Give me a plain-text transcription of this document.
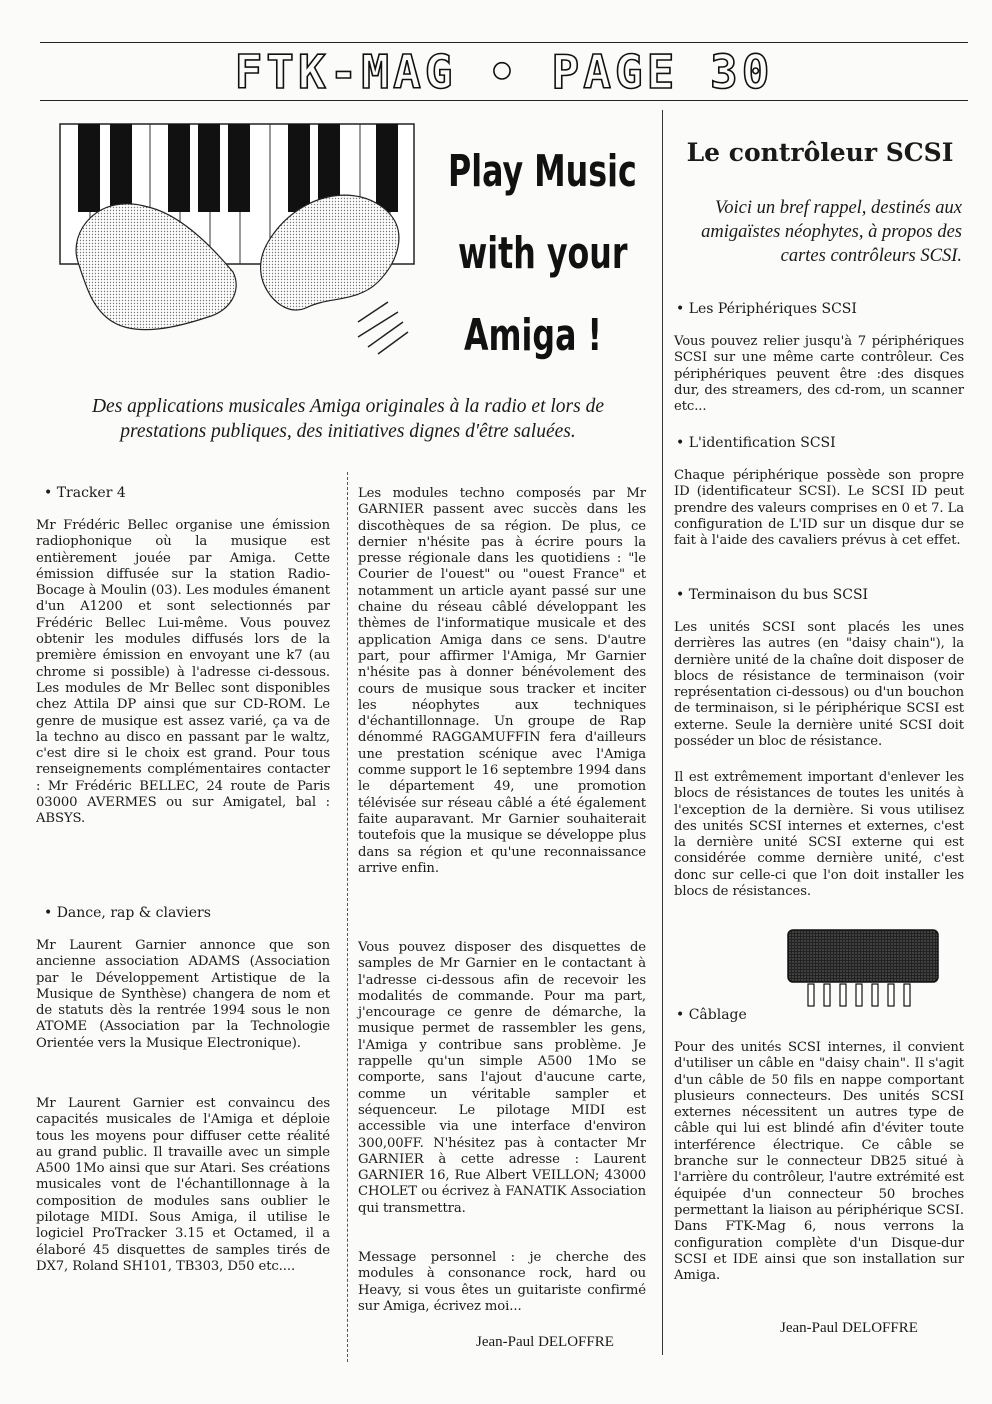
FTK-MAG • PAGE 30
Play Music
with your
Amiga !
Des applications musicales Amiga originales à la radio et lors de prestations publiques, des initiatives dignes d'être saluées.
• Tracker 4
Mr Frédéric Bellec organise une émission radiophonique où la musique est entièrement jouée par Amiga. Cette émission diffusée sur la station Radio-Bocage à Moulin (03). Les modules émanent d'un A1200 et sont selectionnés par Frédéric Bellec Lui-même. Vous pouvez obtenir les modules diffusés lors de la première émission en envoyant une k7 (au chrome si possible) à l'adresse ci-dessous. Les modules de Mr Bellec sont disponibles chez Attila DP ainsi que sur CD-ROM. Le genre de musique est assez varié, ça va de la techno au disco en passant par le waltz, c'est dire si le choix est grand. Pour tous renseignements complémentaires contacter : Mr Frédéric BELLEC, 24 route de Paris 03000 AVERMES ou sur Amigatel, bal : ABSYS.
• Dance, rap & claviers
Mr Laurent Garnier annonce que son ancienne association ADAMS (Association par le Développement Artistique de la Musique de Synthèse) changera de nom et de statuts dès la rentrée 1994 sous le non ATOME (Association par la Technologie Orientée vers la Musique Electronique).
Mr Laurent Garnier est convaincu des capacités musicales de l'Amiga et déploie tous les moyens pour diffuser cette réalité au grand public. Il travaille avec un simple A500 1Mo ainsi que sur Atari. Ses créations musicales vont de l'échantillonnage à la composition de modules sans oublier le pilotage MIDI. Sous Amiga, il utilise le logiciel ProTracker 3.15 et Octamed, il a élaboré 45 disquettes de samples tirés de DX7, Roland SH101, TB303, D50 etc....
Les modules techno composés par Mr GARNIER passent avec succès dans les discothèques de sa région. De plus, ce dernier n'hésite pas à écrire pours la presse régionale dans les quotidiens : "le Courier de l'ouest" ou "ouest France" et notamment un article ayant passé sur une chaine du réseau câblé développant les thèmes de l'informatique musicale et des application Amiga dans ce sens. D'autre part, pour affirmer l'Amiga, Mr Garnier n'hésite pas à donner bénévolement des cours de musique sous tracker et inciter les néophytes aux techniques d'échantillonnage. Un groupe de Rap dénommé RAGGAMUFFIN fera d'ailleurs une prestation scénique avec l'Amiga comme support le 16 septembre 1994 dans le département 49, une promotion télévisée sur réseau câblé a été également faite auparavant. Mr Garnier souhaiterait toutefois que la musique se développe plus dans sa région et qu'une reconnaissance arrive enfin.
Vous pouvez disposer des disquettes de samples de Mr Garnier en le contactant à l'adresse ci-dessous afin de recevoir les modalités de commande. Pour ma part, j'encourage ce genre de démarche, la musique permet de rassembler les gens, l'Amiga y contribue sans problème. Je rappelle qu'un simple A500 1Mo se comporte, sans l'ajout d'aucune carte, comme un véritable sampler et séquenceur. Le pilotage MIDI est accessible via une interface d'environ 300,00FF. N'hésitez pas à contacter Mr GARNIER à cette adresse : Laurent GARNIER 16, Rue Albert VEILLON; 43000 CHOLET ou écrivez à FANATIK Association qui transmettra.
Message personnel : je cherche des modules à consonance rock, hard ou Heavy, si vous êtes un guitariste confirmé sur Amiga, écrivez moi...
Jean-Paul DELOFFRE
Le contrôleur SCSI
Voici un bref rappel, destinés aux amigaïstes néophytes, à propos des cartes contrôleurs SCSI.
• Les Périphériques SCSI
Vous pouvez relier jusqu'à 7 périphériques SCSI sur une même carte contrôleur. Ces périphériques peuvent être :des disques dur, des streamers, des cd-rom, un scanner etc...
• L'identification SCSI
Chaque périphérique possède son propre ID (identificateur SCSI). Le SCSI ID peut prendre des valeurs comprises en 0 et 7. La configuration de L'ID sur un disque dur se fait à l'aide des cavaliers prévus à cet effet.
• Terminaison du bus SCSI
Les unités SCSI sont placés les unes derrières las autres (en "daisy chain"), la dernière unité de la chaîne doit disposer de blocs de résistance de terminaison (voir représentation ci-dessous) ou d'un bouchon de terminaison, si le périphérique SCSI est externe. Seule la dernière unité SCSI doit posséder un bloc de résistance.
Il est extrêmement important d'enlever les blocs de résistances de toutes les unités à l'exception de la dernière. Si vous utilisez des unités SCSI internes et externes, c'est la dernière unité SCSI externe qui est considérée comme dernière unité, c'est donc sur celle-ci que l'on doit installer les blocs de résistances.
• Câblage
Pour des unités SCSI internes, il convient d'utiliser un câble en "daisy chain". Il s'agit d'un câble de 50 fils en nappe comportant plusieurs connecteurs. Des unités SCSI externes nécessitent un autres type de câble qui lui est blindé afin d'éviter toute interférence électrique. Ce câble se branche sur le connecteur DB25 situé à l'arrière du contrôleur, l'autre extrémité est équipée d'un connecteur 50 broches permettant la liaison au périphérique SCSI. Dans FTK-Mag 6, nous verrons la configuration complète d'un Disque-dur SCSI et IDE ainsi que son installation sur Amiga.
Jean-Paul DELOFFRE
